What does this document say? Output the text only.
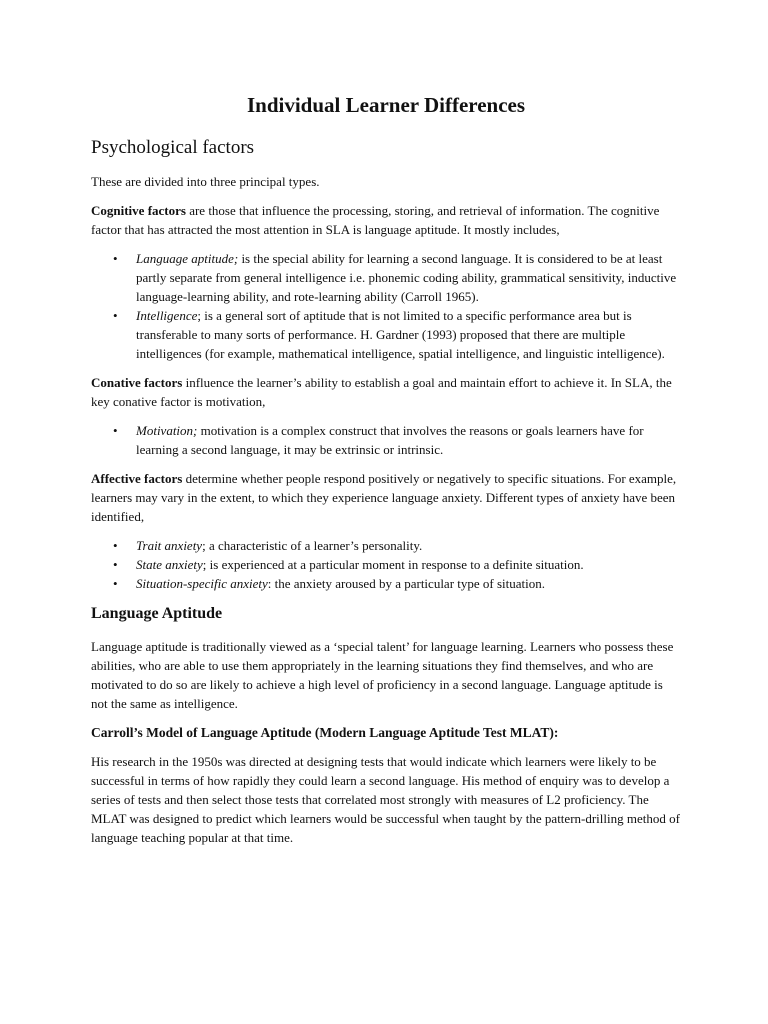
Individual Learner Differences
Psychological factors

These are divided into three principal types.

Cognitive factors are those that influence the processing, storing, and retrieval of information. The cognitive factor that has attracted the most attention in SLA is language aptitude. It mostly includes,

• Language aptitude; is the special ability for learning a second language. It is considered to be at least partly separate from general intelligence i.e. phonemic coding ability, grammatical sensitivity, inductive language-learning ability, and rote-learning ability (Carroll 1965).
• Intelligence; is a general sort of aptitude that is not limited to a specific performance area but is transferable to many sorts of performance. H. Gardner (1993) proposed that there are multiple intelligences (for example, mathematical intelligence, spatial intelligence, and linguistic intelligence).

Conative factors influence the learner’s ability to establish a goal and maintain effort to achieve it. In SLA, the key conative factor is motivation,

• Motivation; motivation is a complex construct that involves the reasons or goals learners have for learning a second language, it may be extrinsic or intrinsic.

Affective factors determine whether people respond positively or negatively to specific situations. For example, learners may vary in the extent, to which they experience language anxiety. Different types of anxiety have been identified,

• Trait anxiety; a characteristic of a learner’s personality.
• State anxiety; is experienced at a particular moment in response to a definite situation.
• Situation-specific anxiety: the anxiety aroused by a particular type of situation.
Language Aptitude

Language aptitude is traditionally viewed as a ‘special talent’ for language learning. Learners who possess these abilities, who are able to use them appropriately in the learning situations they find themselves, and who are motivated to do so are likely to achieve a high level of proficiency in a second language. Language aptitude is not the same as intelligence.

Carroll’s Model of Language Aptitude (Modern Language Aptitude Test MLAT):

His research in the 1950s was directed at designing tests that would indicate which learners were likely to be successful in terms of how rapidly they could learn a second language. His method of enquiry was to develop a series of tests and then select those tests that correlated most strongly with measures of L2 proficiency. The MLAT was designed to predict which learners would be successful when taught by the pattern-drilling method of language teaching popular at that time.
